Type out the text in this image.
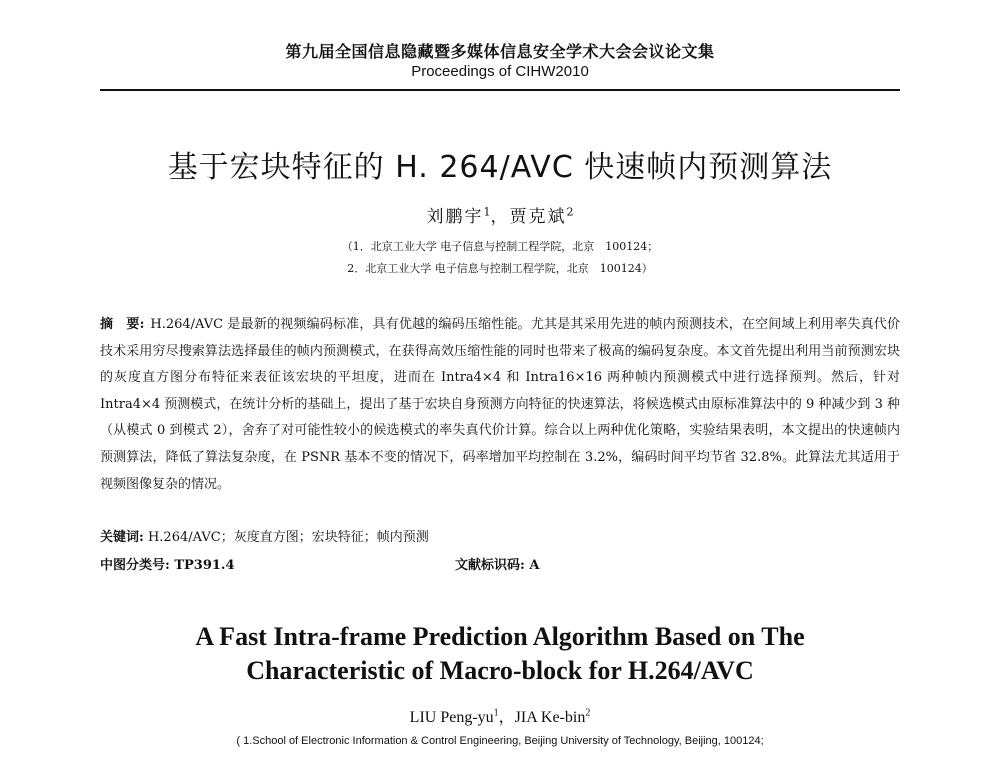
第九届全国信息隐藏暨多媒体信息安全学术大会会议论文集
Proceedings of CIHW2010
基于宏块特征的 H. 264/AVC 快速帧内预测算法
刘鹏宇$^1$，贾克斌$^2$
（1．北京工业大学 电子信息与控制工程学院，北京　100124；
2．北京工业大学 电子信息与控制工程学院，北京　100124）
摘　要: H.264/AVC 是最新的视频编码标准，具有优越的编码压缩性能。尤其是其采用先进的帧内预测技术，在空间域上利用率失真代价技术采用穷尽搜索算法选择最佳的帧内预测模式，在获得高效压缩性能的同时也带来了极高的编码复杂度。本文首先提出利用当前预测宏块的灰度直方图分布特征来表征该宏块的平坦度，进而在 Intra4×4 和 Intra16×16 两种帧内预测模式中进行选择预判。然后，针对 Intra4×4 预测模式，在统计分析的基础上，提出了基于宏块自身预测方向特征的快速算法，将候选模式由原标准算法中的 9 种减少到 3 种（从模式 0 到模式 2），舍弃了对可能性较小的候选模式的率失真代价计算。综合以上两种优化策略，实验结果表明，本文提出的快速帧内预测算法，降低了算法复杂度，在 PSNR 基本不变的情况下，码率增加平均控制在 3.2%，编码时间平均节省 32.8%。此算法尤其适用于视频图像复杂的情况。
关键词: H.264/AVC；灰度直方图；宏块特征；帧内预测
中图分类号: TP391.4	文献标识码: A
A Fast Intra-frame Prediction Algorithm Based on The
Characteristic of Macro-block for H.264/AVC
LIU Peng-$yu^1$，JIA Ke-bin$^2$
( 1.School of Electronic Information & Control Engineering, Beijing University of Technology, Beijing, 100124;
